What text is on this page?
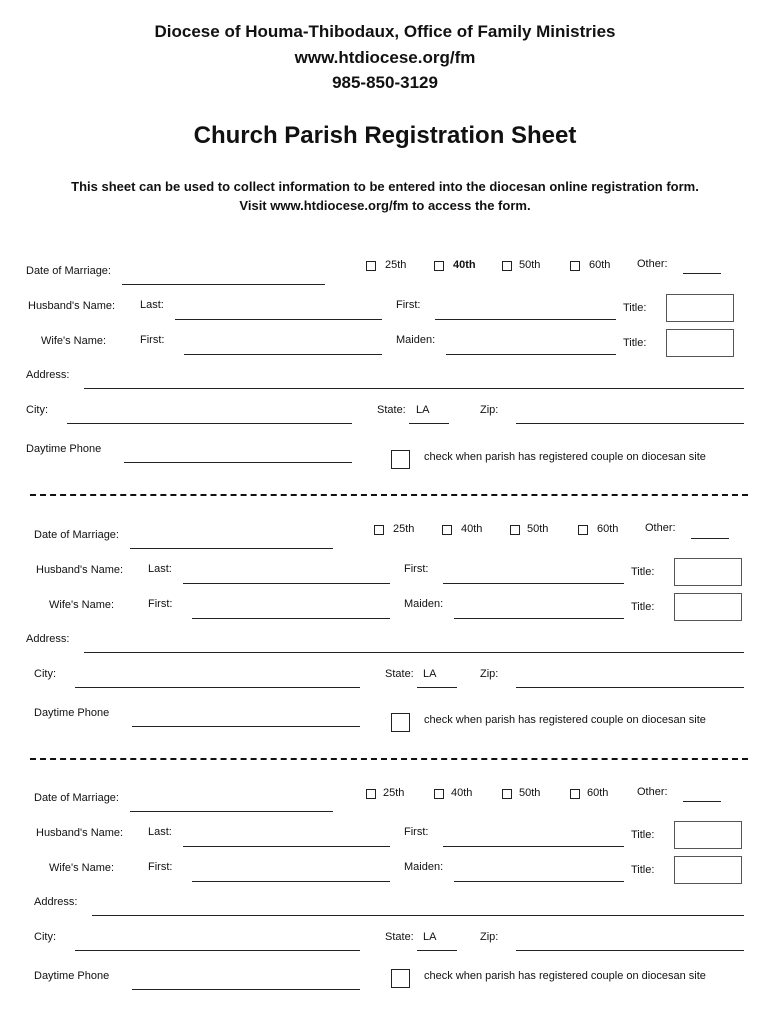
Diocese of Houma-Thibodaux, Office of Family Ministries
www.htdiocese.org/fm
985-850-3129
Church Parish Registration Sheet
This sheet can be used to collect information to be entered into the diocesan online registration form.
Visit www.htdiocese.org/fm to access the form.
Date of Marriage:	25th	40th	50th	60th Other:
Husband's Name: Last:	First:	Title:
Wife's Name:	First:	Maiden:	Title:
Address:
City:	State: LA	Zip:
Daytime Phone
check when parish has registered couple on diocesan site
Date of Marriage:	25th	40th	50th	60th Other:
Husband's Name: Last:	First:	Title:
Wife's Name:	First:	Maiden:	Title:
Address:
City:	State: LA	Zip:
Daytime Phone
check when parish has registered couple on diocesan site
Date of Marriage:	25th	40th	50th	60th	Other:
Husband's Name: Last:	First:	Title:
Wife's Name:	First:	Maiden:	Title:
Address:
City:	State: LA	Zip:
Daytime Phone	check when parish has registered couple on diocesan site
